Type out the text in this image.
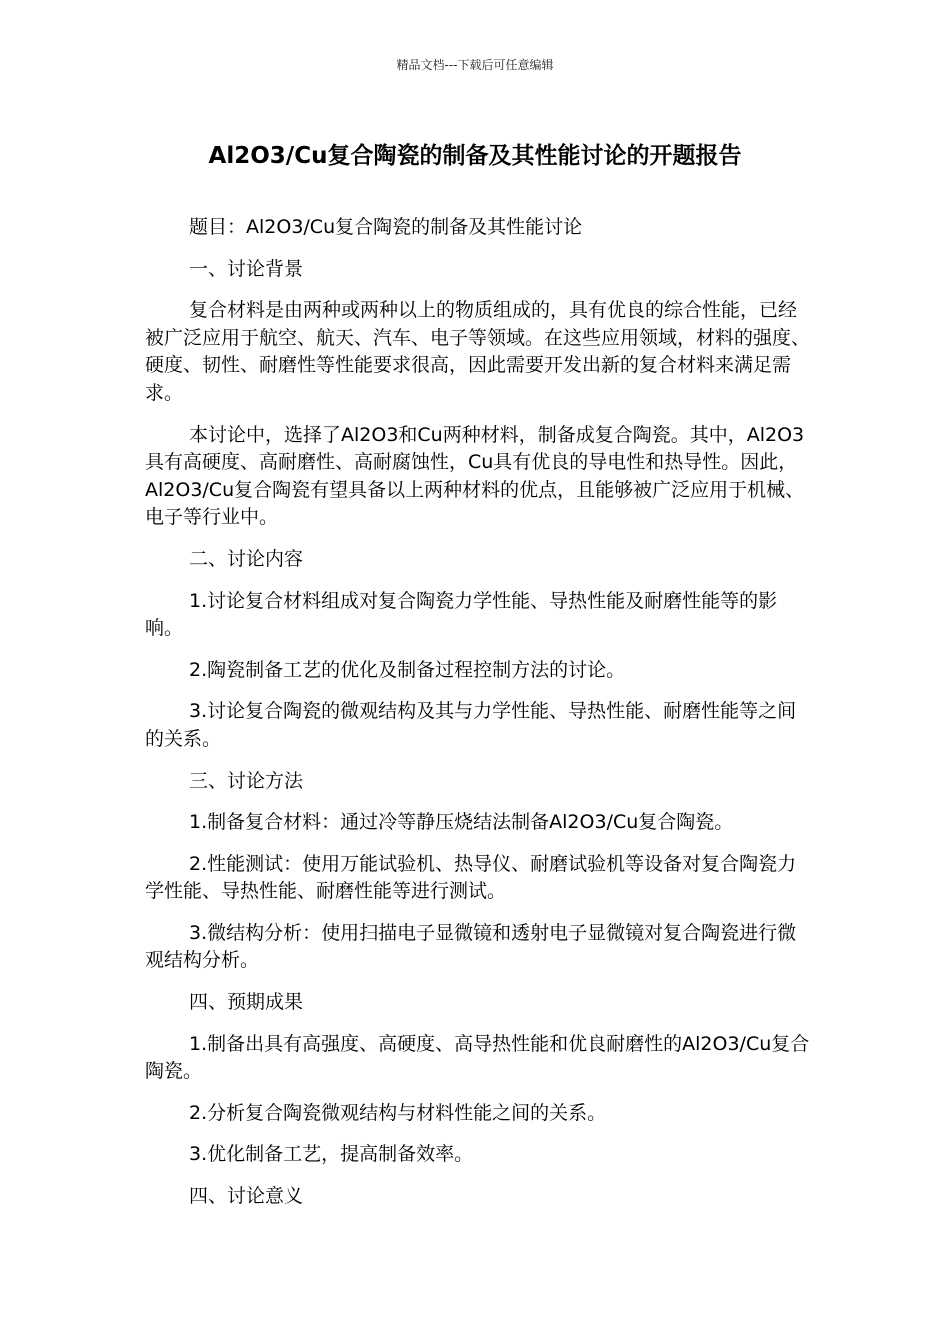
精品文档---下载后可任意编辑
Al2O3/Cu复合陶瓷的制备及其性能讨论的开题报告

题目：Al2O3/Cu复合陶瓷的制备及其性能讨论

一、讨论背景

复合材料是由两种或两种以上的物质组成的，具有优良的综合性能，已经被广泛应用于航空、航天、汽车、电子等领域。在这些应用领域，材料的强度、硬度、韧性、耐磨性等性能要求很高，因此需要开发出新的复合材料来满足需求。

本讨论中，选择了Al2O3和Cu两种材料，制备成复合陶瓷。其中，Al2O3具有高硬度、高耐磨性、高耐腐蚀性，Cu具有优良的导电性和热导性。因此，Al2O3/Cu复合陶瓷有望具备以上两种材料的优点，且能够被广泛应用于机械、电子等行业中。

二、讨论内容

1.讨论复合材料组成对复合陶瓷力学性能、导热性能及耐磨性能等的影响。

2.陶瓷制备工艺的优化及制备过程控制方法的讨论。

3.讨论复合陶瓷的微观结构及其与力学性能、导热性能、耐磨性能等之间的关系。

三、讨论方法

1.制备复合材料：通过冷等静压烧结法制备Al2O3/Cu复合陶瓷。

2.性能测试：使用万能试验机、热导仪、耐磨试验机等设备对复合陶瓷力学性能、导热性能、耐磨性能等进行测试。

3.微结构分析：使用扫描电子显微镜和透射电子显微镜对复合陶瓷进行微观结构分析。

四、预期成果

1.制备出具有高强度、高硬度、高导热性能和优良耐磨性的Al2O3/Cu复合陶瓷。

2.分析复合陶瓷微观结构与材料性能之间的关系。

3.优化制备工艺，提高制备效率。

四、讨论意义
